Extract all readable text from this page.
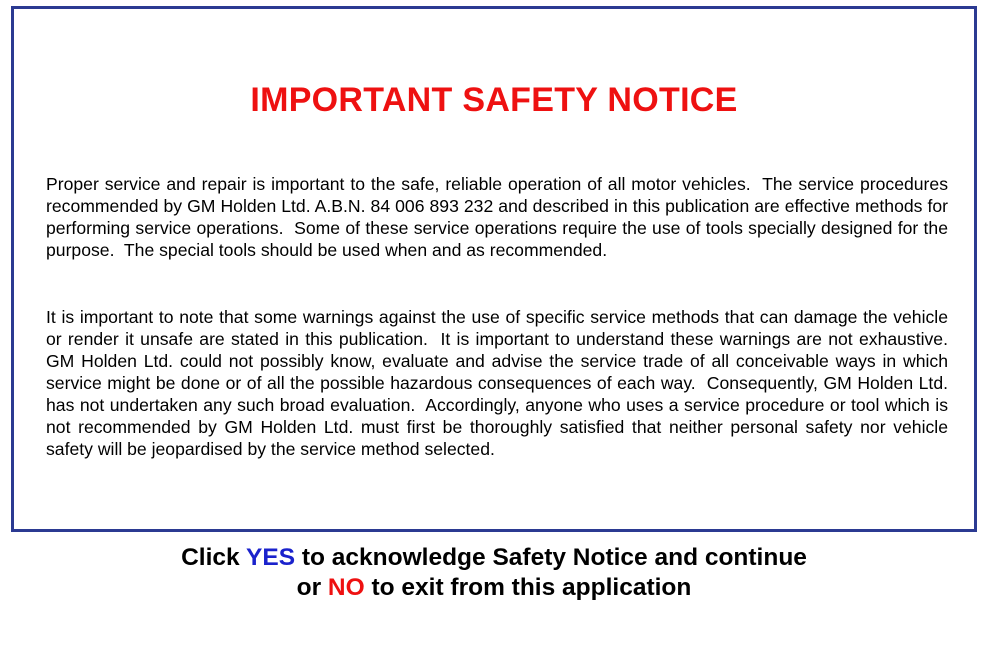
IMPORTANT SAFETY NOTICE

Proper service and repair is important to the safe, reliable operation of all motor vehicles.  The service procedures recommended by GM Holden Ltd. A.B.N. 84 006 893 232 and described in this publication are effective methods for performing service operations.  Some of these service operations require the use of tools specially designed for the purpose.  The special tools should be used when and as recommended.

It is important to note that some warnings against the use of specific service methods that can damage the vehicle or render it unsafe are stated in this publication.  It is important to understand these warnings are not exhaustive.  GM Holden Ltd. could not possibly know, evaluate and advise the service trade of all conceivable ways in which service might be done or of all the possible hazardous consequences of each way.  Consequently, GM Holden Ltd. has not undertaken any such broad evaluation.  Accordingly, anyone who uses a service procedure or tool which is not recommended by GM Holden Ltd. must first be thoroughly satisfied that neither personal safety nor vehicle safety will be jeopardised by the service method selected.

Click YES to acknowledge Safety Notice and continue
or NO to exit from this application
